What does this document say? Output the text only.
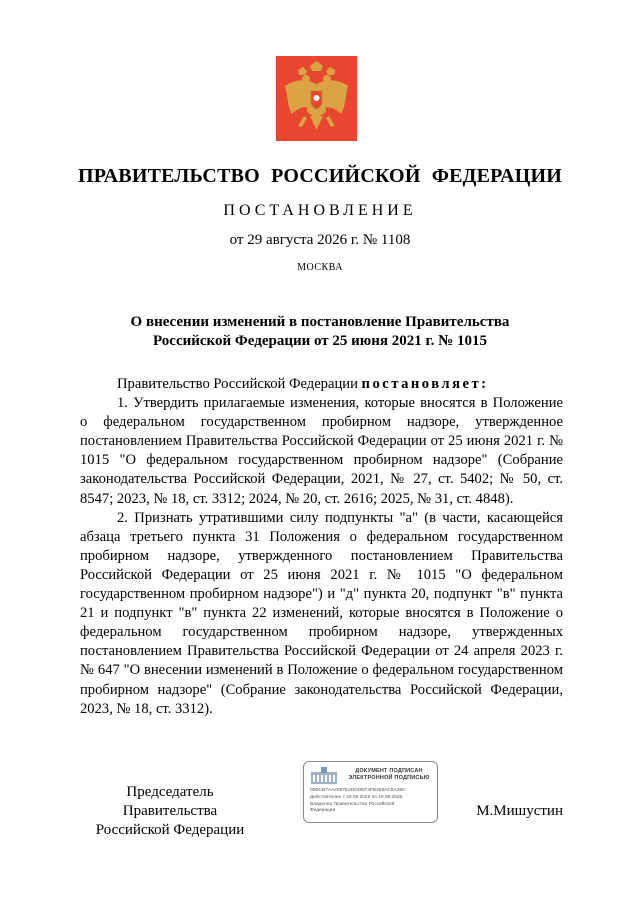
ПРАВИТЕЛЬСТВО РОССИЙСКОЙ ФЕДЕРАЦИИ
ПОСТАНОВЛЕНИЕ
от 29 августа 2026 г. № 1108
МОСКВА
О внесении изменений в постановление Правительства
Российской Федерации от 25 июня 2021 г. № 1015

Правительство Российской Федерации постановляет:

1. Утвердить прилагаемые изменения, которые вносятся в Положение о федеральном государственном пробирном надзоре, утвержденное постановлением Правительства Российской Федерации от 25 июня 2021 г. № 1015 "О федеральном государственном пробирном надзоре" (Собрание законодательства Российской Федерации, 2021, № 27, ст. 5402; № 50, ст. 8547; 2023, № 18, ст. 3312; 2024, № 20, ст. 2616; 2025, № 31, ст. 4848).

2. Признать утратившими силу подпункты "а" (в части, касающейся абзаца третьего пункта 31 Положения о федеральном государственном пробирном надзоре, утвержденного постановлением Правительства Российской Федерации от 25 июня 2021 г. № 1015 "О федеральном государственном пробирном надзоре") и "д" пункта 20, подпункт "в" пункта 21 и подпункт "в" пункта 22 изменений, которые вносятся в Положение о федеральном государственном пробирном надзоре, утвержденных постановлением Правительства Российской Федерации от 24 апреля 2023 г. № 647 "О внесении изменений в Положение о федеральном государственном пробирном надзоре" (Собрание законодательства Российской Федерации, 2023, № 18, ст. 3312).

Председатель Правительства
Российской Федерации
ДОКУМЕНТ ПОДПИСАН
ЭЛЕКТРОННОЙ ПОДПИСЬЮ
00BCB7AA2097E2DDDEF4FB469AC8A38C
Действителен с 26.06.2025 по 19.09.2026
Владелец Правительство Российской
Федерации	М.Мишустин
